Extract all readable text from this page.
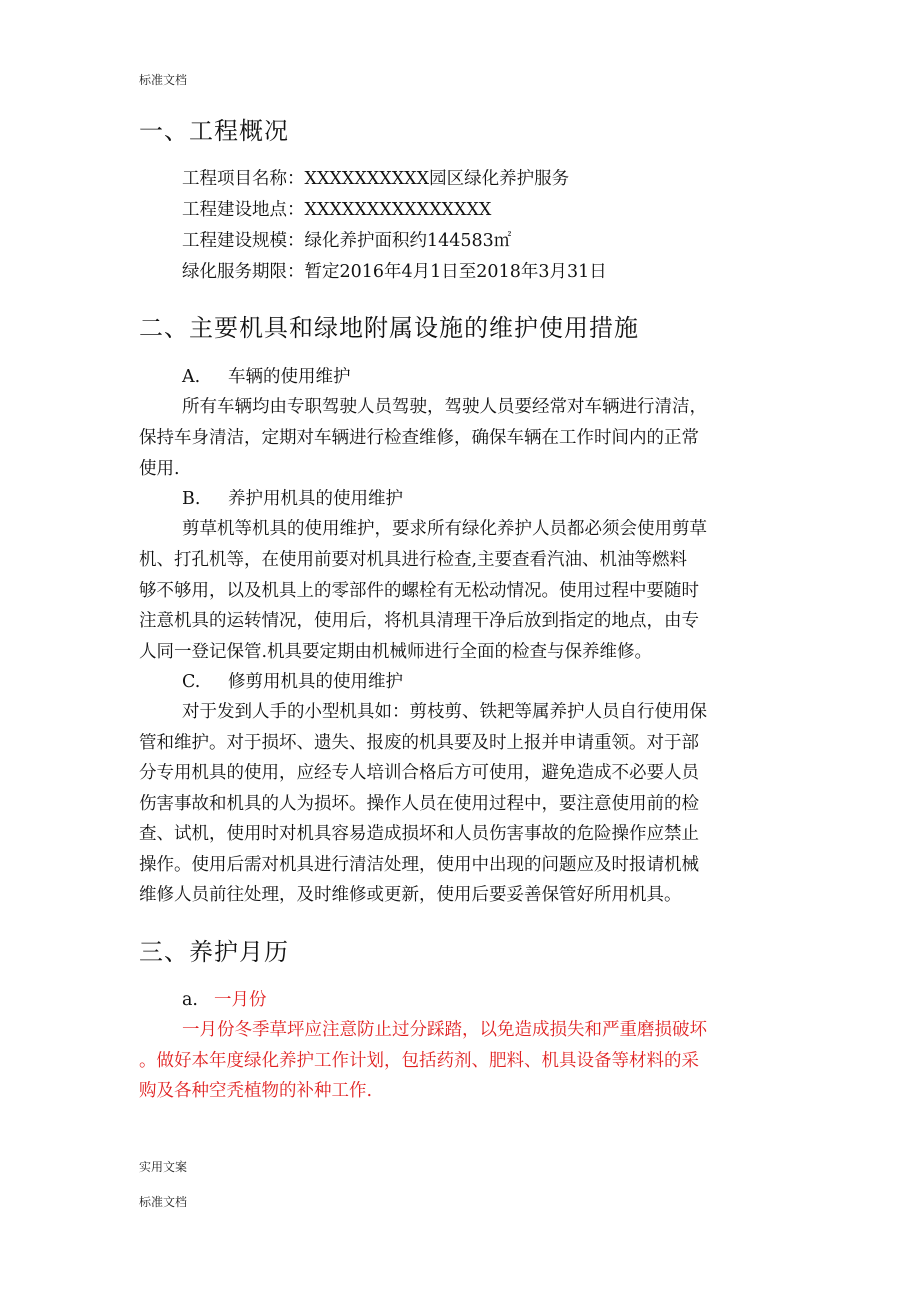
标准文档
一、工程概况
工程项目名称：XXXXXXXXXX园区绿化养护服务
工程建设地点：XXXXXXXXXXXXXXX
工程建设规模：绿化养护面积约144583㎡
绿化服务期限：暂定2016年4月1日至2018年3月31日
二、主要机具和绿地附属设施的维护使用措施
A. 车辆的使用维护
所有车辆均由专职驾驶人员驾驶，驾驶人员要经常对车辆进行清洁，
保持车身清洁，定期对车辆进行检查维修，确保车辆在工作时间内的正常
使用.
B. 养护用机具的使用维护
剪草机等机具的使用维护，要求所有绿化养护人员都必须会使用剪草
机、打孔机等，在使用前要对机具进行检查,主要查看汽油、机油等燃料
够不够用，以及机具上的零部件的螺栓有无松动情况。使用过程中要随时
注意机具的运转情况，使用后，将机具清理干净后放到指定的地点，由专
人同一登记保管.机具要定期由机械师进行全面的检查与保养维修。
C. 修剪用机具的使用维护
对于发到人手的小型机具如：剪枝剪、铁耙等属养护人员自行使用保
管和维护。对于损坏、遗失、报废的机具要及时上报并申请重领。对于部
分专用机具的使用，应经专人培训合格后方可使用，避免造成不必要人员
伤害事故和机具的人为损坏。操作人员在使用过程中，要注意使用前的检
查、试机，使用时对机具容易造成损坏和人员伤害事故的危险操作应禁止
操作。使用后需对机具进行清洁处理，使用中出现的问题应及时报请机械
维修人员前往处理，及时维修或更新，使用后要妥善保管好所用机具。
三、养护月历
a. 一月份
一月份冬季草坪应注意防止过分踩踏，以免造成损失和严重磨损破坏
。做好本年度绿化养护工作计划，包括药剂、肥料、机具设备等材料的采
购及各种空秃植物的补种工作.
实用文案
标准文档
